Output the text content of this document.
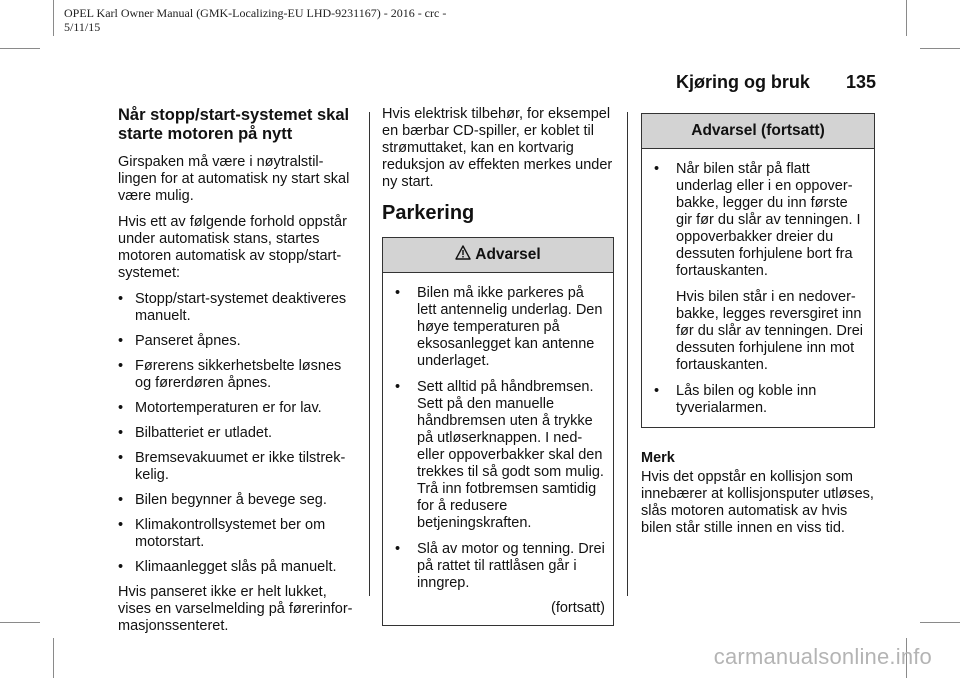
OPEL Karl Owner Manual (GMK-Localizing-EU LHD-9231167) - 2016 - crc -
5/11/15
Kjøring og bruk 135
Når stopp/start-systemet skal starte motoren på nytt

Girspaken må være i nøytralstil-lingen for at automatisk ny start skal være mulig.

Hvis ett av følgende forhold oppstår under automatisk stans, startes motoren automatisk av stopp/start-systemet:

• Stopp/start-systemet deaktiveres manuelt.
• Panseret åpnes.
• Førerens sikkerhetsbelte løsnes og førerdøren åpnes.
• Motortemperaturen er for lav.
• Bilbatteriet er utladet.
• Bremsevakuumet er ikke tilstrek-kelig.
• Bilen begynner å bevege seg.
• Klimakontrollsystemet ber om motorstart.
• Klimaanlegget slås på manuelt.

Hvis panseret ikke er helt lukket, vises en varselmelding på førerinfor-masjonssenteret.

Hvis elektrisk tilbehør, for eksempel en bærbar CD-spiller, er koblet til strømuttaket, kan en kortvarig reduksjon av effekten merkes under ny start.

Parkering
Advarsel
• Bilen må ikke parkeres på lett antennelig underlag. Den høye temperaturen på eksosanlegget kan antenne underlaget.
• Sett alltid på håndbremsen. Sett på den manuelle håndbremsen uten å trykke på utløserknappen. I ned-eller oppoverbakker skal den trekkes til så godt som mulig. Trå inn fotbremsen samtidig for å redusere betjeningskraften.
• Slå av motor og tenning. Drei på rattet til rattlåsen går i inngrep.
(fortsatt)
Advarsel (fortsatt)
• Når bilen står på flatt underlag eller i en oppover-bakke, legger du inn første gir før du slår av tenningen. I oppoverbakker dreier du dessuten forhjulene bort fra fortauskanten.
Hvis bilen står i en nedover-bakke, legges reversgiret inn før du slår av tenningen. Drei dessuten forhjulene inn mot fortauskanten.
• Lås bilen og koble inn tyverialarmen.
Merk

Hvis det oppstår en kollisjon som innebærer at kollisjonsputer utløses, slås motoren automatisk av hvis bilen står stille innen en viss tid.

carmanualsonline.info
